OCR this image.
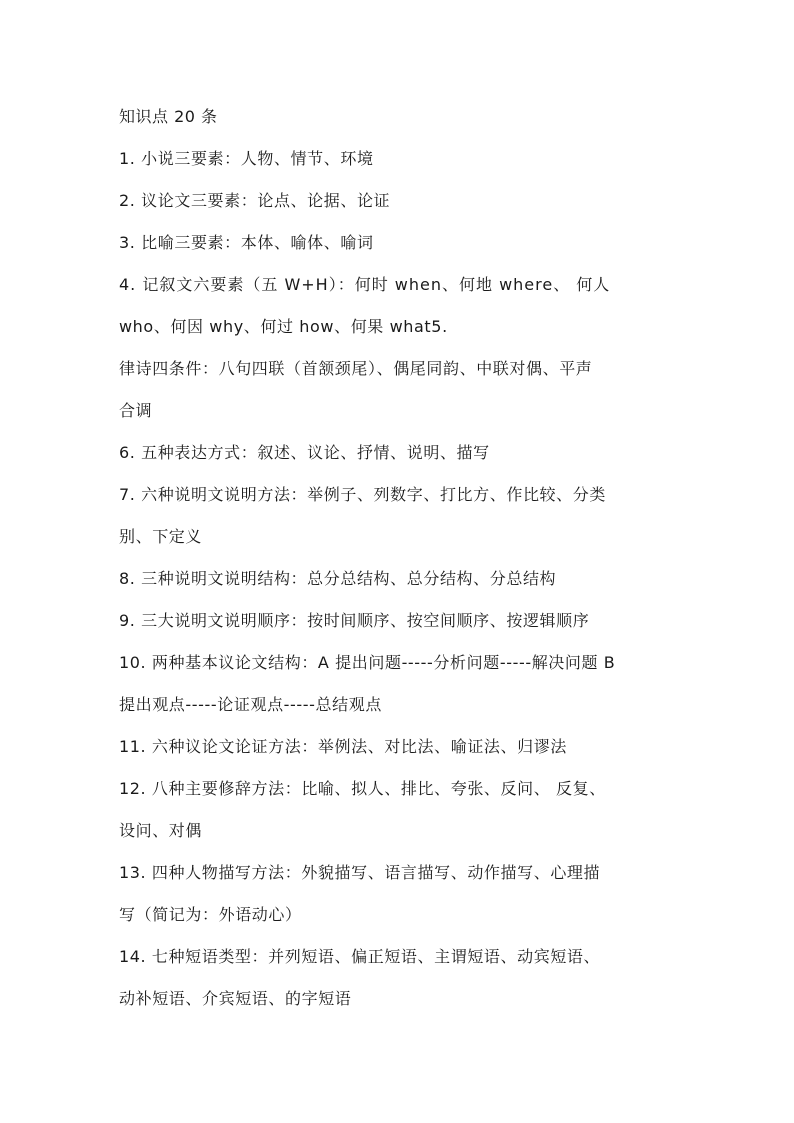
知识点 20 条
1. 小说三要素：人物、情节、环境
2. 议论文三要素：论点、论据、论证
3. 比喻三要素：本体、喻体、喻词
4. 记叙文六要素（五 W+H）：何时 when、何地 where、 何人
who、何因 why、何过 how、何果 what5.
律诗四条件：八句四联（首颔颈尾）、偶尾同韵、中联对偶、平声
合调
6. 五种表达方式：叙述、议论、抒情、说明、描写
7. 六种说明文说明方法：举例子、列数字、打比方、作比较、分类
别、下定义
8. 三种说明文说明结构：总分总结构、总分结构、分总结构
9. 三大说明文说明顺序：按时间顺序、按空间顺序、按逻辑顺序
10. 两种基本议论文结构：A 提出问题-----分析问题-----解决问题 B
提出观点-----论证观点-----总结观点
11. 六种议论文论证方法：举例法、对比法、喻证法、归谬法
12. 八种主要修辞方法：比喻、拟人、排比、夸张、反问、 反复、
设问、对偶
13. 四种人物描写方法：外貌描写、语言描写、动作描写、心理描
写（简记为：外语动心）
14. 七种短语类型：并列短语、偏正短语、主谓短语、动宾短语、
动补短语、介宾短语、的字短语
